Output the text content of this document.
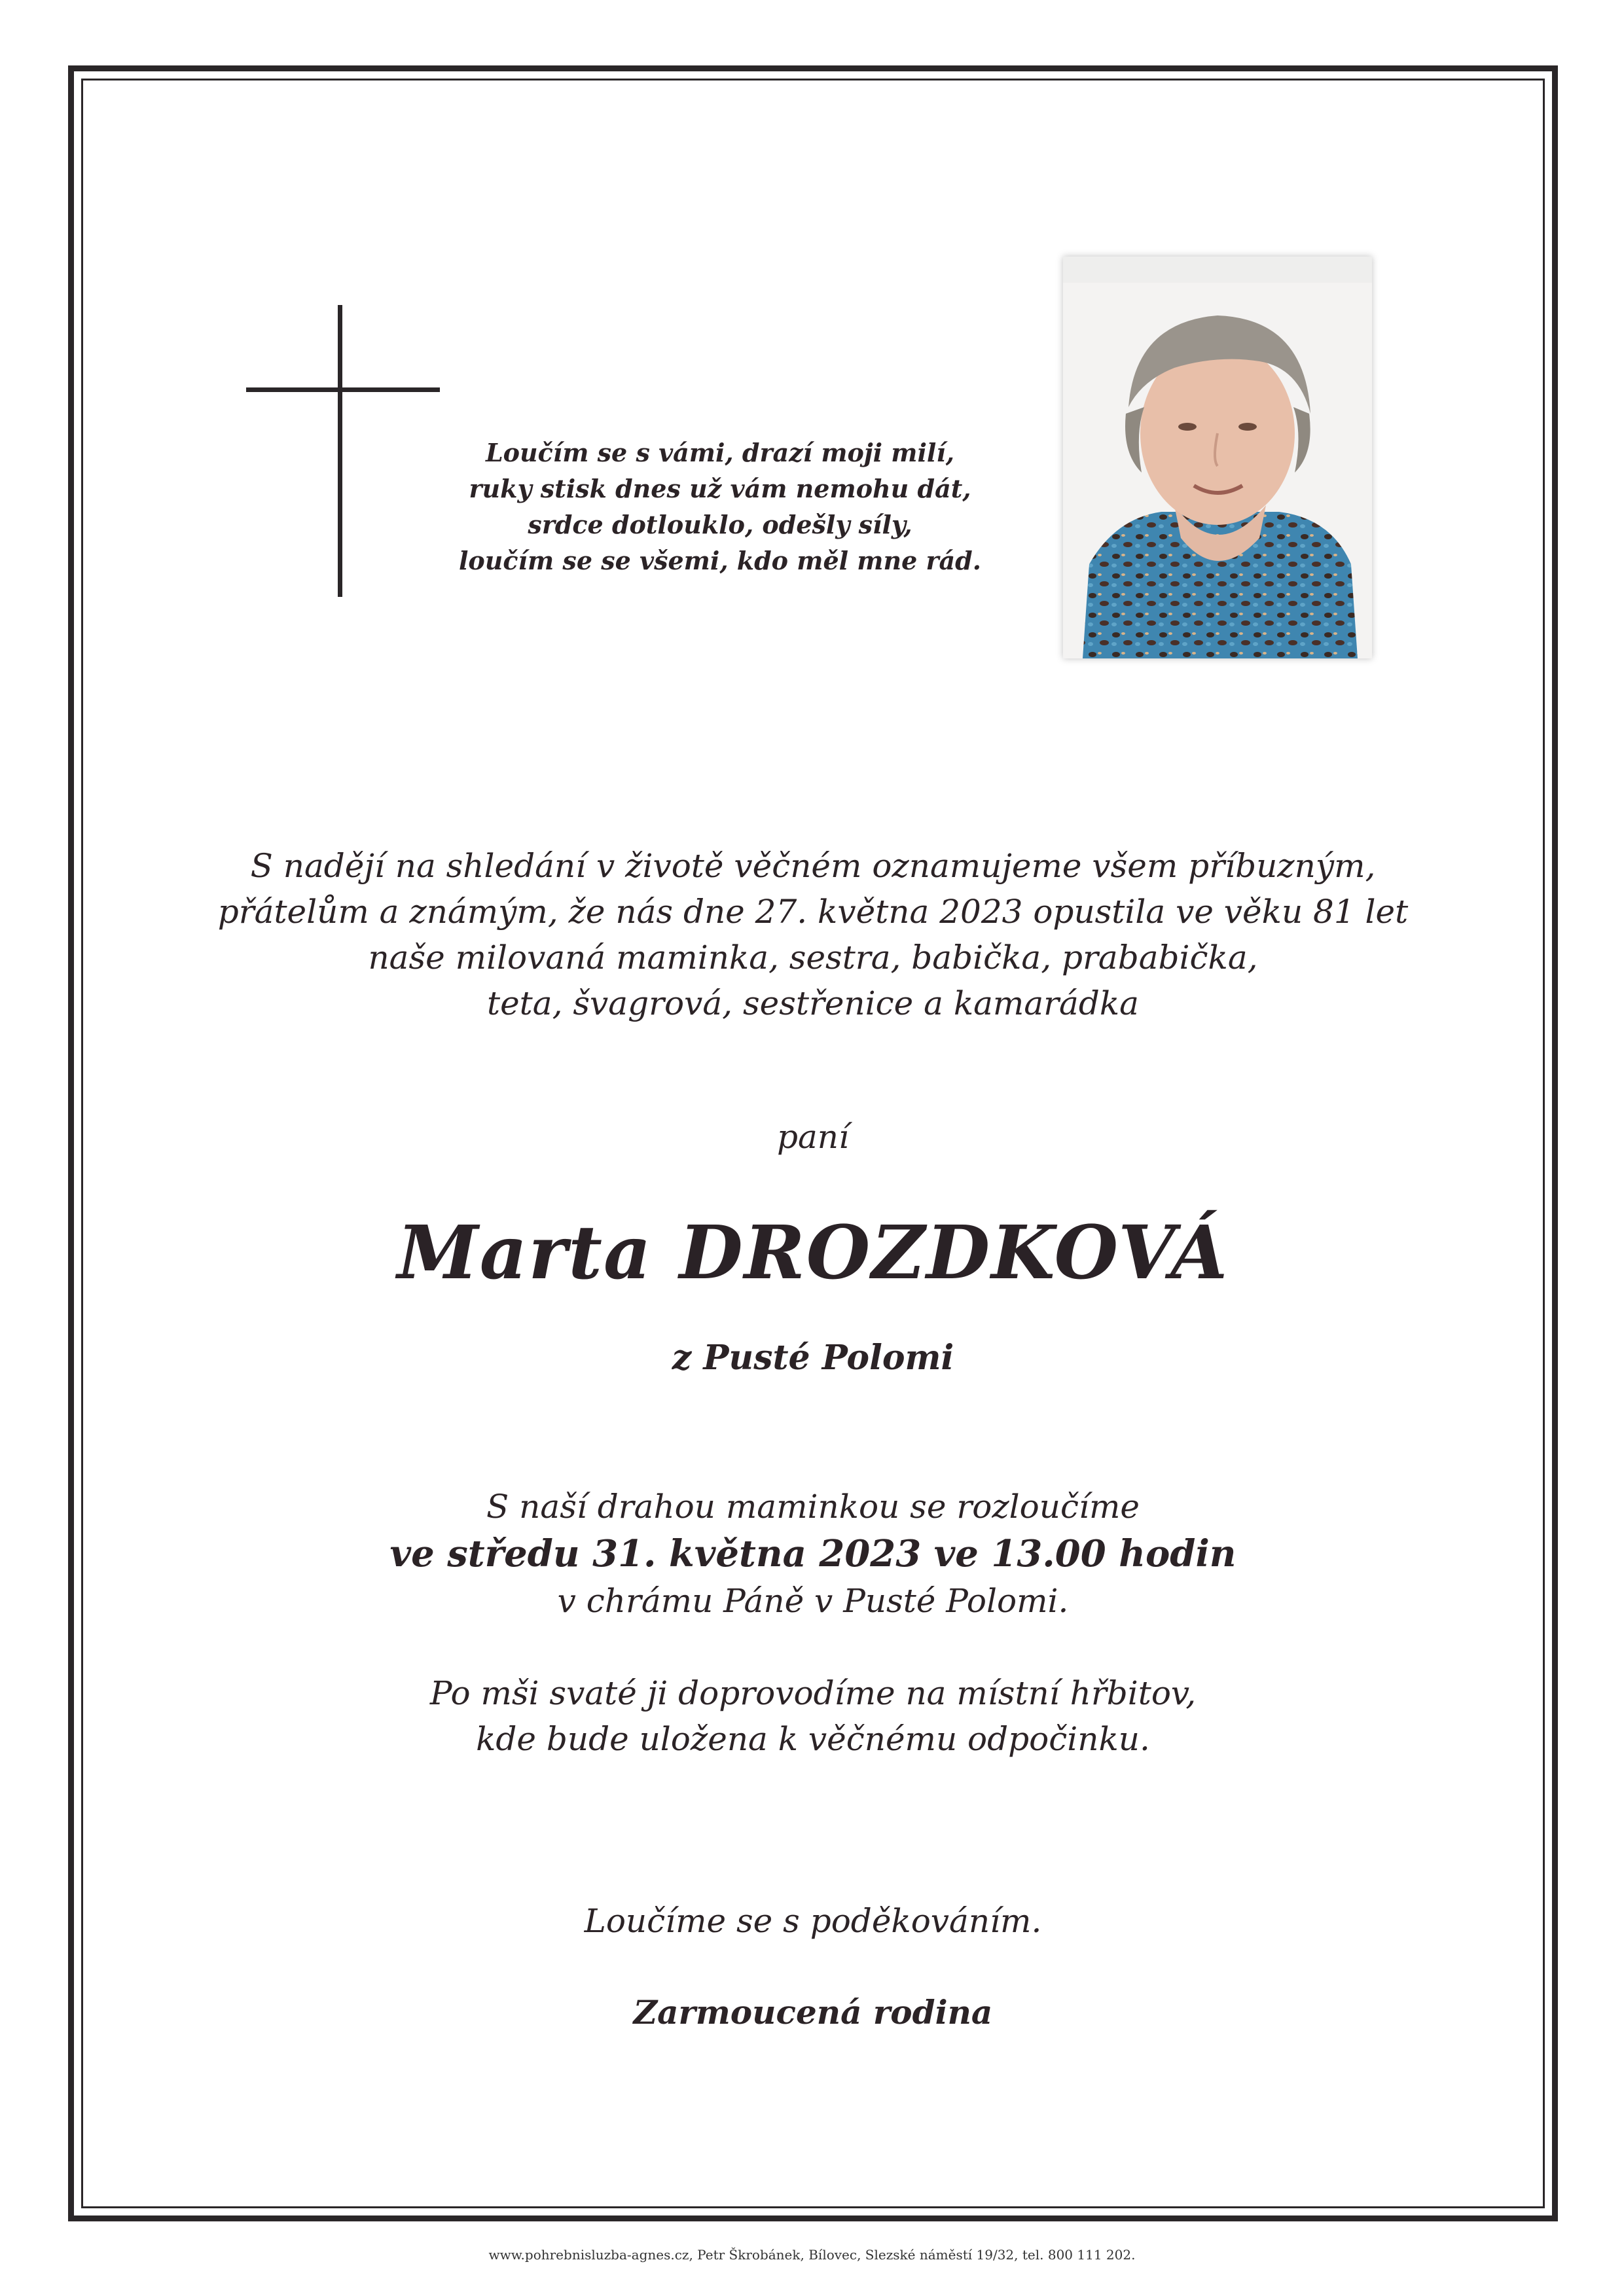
Loučím se s vámi, drazí moji milí,
ruky stisk dnes už vám nemohu dát,
srdce dotlouklo, odešly síly,
loučím se se všemi, kdo měl mne rád.
S nadějí na shledání v životě věčném oznamujeme všem příbuzným,
přátelům a známým, že nás dne 27. května 2023 opustila ve věku 81 let
naše milovaná maminka, sestra, babička, prababička,
teta, švagrová, sestřenice a kamarádka
paní
Marta DROZDKOVÁ
z Pusté Polomi
S naší drahou maminkou se rozloučíme
ve středu 31. května 2023 ve 13.00 hodin
v chrámu Páně v Pusté Polomi.
Po mši svaté ji doprovodíme na místní hřbitov,
kde bude uložena k věčnému odpočinku.
Loučíme se s poděkováním.
Zarmoucená rodina
www.pohrebnisluzba-agnes.cz, Petr Škrobánek, Bílovec, Slezské náměstí 19/32, tel. 800 111 202.
